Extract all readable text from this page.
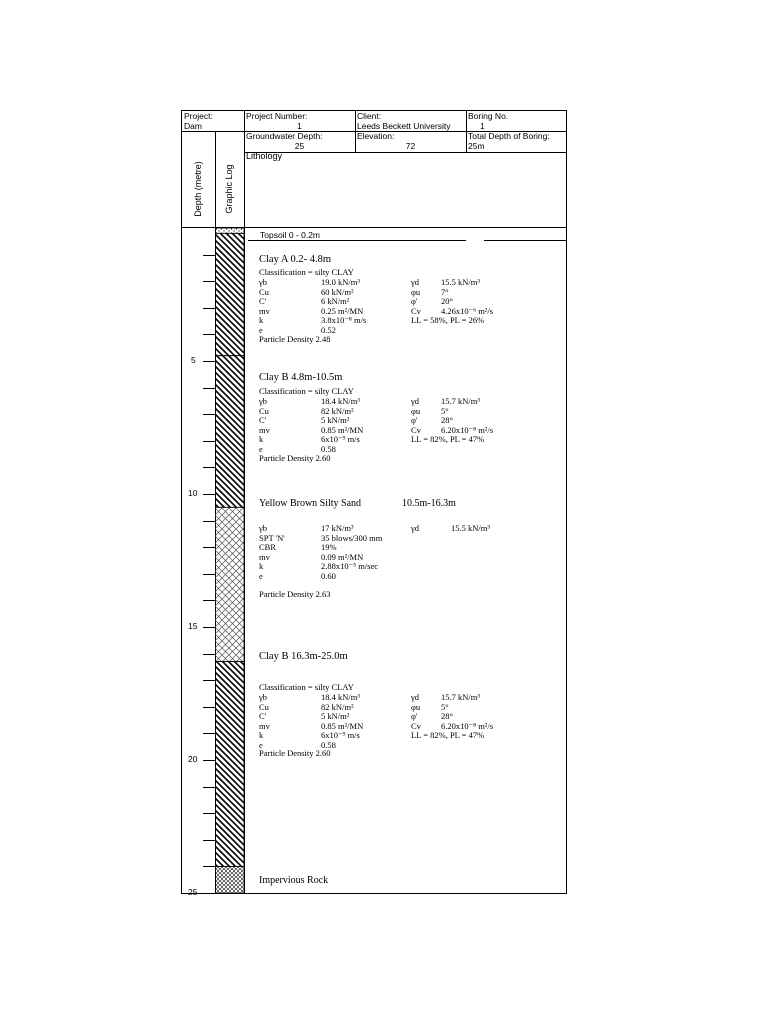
Project:
Dam
Project Number:
1
Client:
Leeds Beckett University
Boring No.
1
Groundwater Depth:
25
Elevation:
72
Total Depth of Boring:
25m
Depth (metre) Graphic Log
Lithology
5
10
15
20
25
Topsoil 0 - 0.2m
Clay A 0.2- 4.8m
Classification = silty CLAY
γb	19.0 kN/m³
Cu	60 kN/m²
C'	6 kN/m²
mv	0.25 m²/MN
k	3.8x10⁻⁸ m/s
e	0.52
γd	15.5 kN/m³
φu	7°
φ'	20°
Cv	4.26x10⁻⁶ m²/s
LL = 58%, PL = 26%
Particle Density 2.48
Clay B 4.8m-10.5m
Classification = silty CLAY
γb	18.4 kN/m³
Cu	82 kN/m²
C'	5 kN/m²
mv	0.85 m²/MN
k	6x10⁻⁹ m/s
e	0.58
γd	15.7 kN/m³
φu	5°
φ'	28°
Cv	6.20x10⁻⁸ m²/s
LL = 82%, PL = 47%
Particle Density 2.60
Yellow Brown Silty Sand	10.5m-16.3m
γb	17 kN/m³
SPT 'N'	35 blows/300 mm
CBR	19%
mv	0.09 m²/MN
k	2.88x10⁻⁵ m/sec
e	0.60
γd	15.5 kN/m³
Particle Density 2.63
Clay B 16.3m-25.0m
Classification = silty CLAY
γb	18.4 kN/m³
Cu	82 kN/m²
C'	5 kN/m²
mv	0.85 m²/MN
k	6x10⁻⁹ m/s
e	0.58
γd	15.7 kN/m³
φu	5°
φ'	28°
Cv	6.20x10⁻⁸ m²/s
LL = 82%, PL = 47%
Particle Density 2.60
Impervious Rock
